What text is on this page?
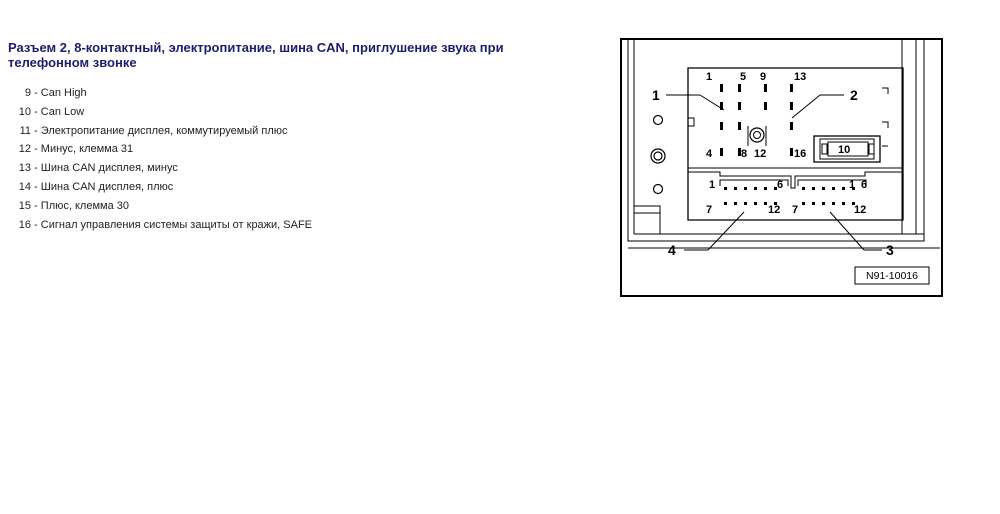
Разъем 2, 8-контактный, электропитание, шина CAN, приглушение звука при
телефонном звонке
9 - Can High
10 - Can Low
11 - Электропитание дисплея, коммутируемый плюс
12 - Минус, клемма 31
13 - Шина CAN дисплея, минус
14 - Шина CAN дисплея, плюс
15 - Плюс, клемма 30
16 - Сигнал управления системы защиты от кражи, SAFE
1	5 9	13
4	8 12	16	10
1	6
7	12
1 6
7	12
1	2
3
4
N91-10016
